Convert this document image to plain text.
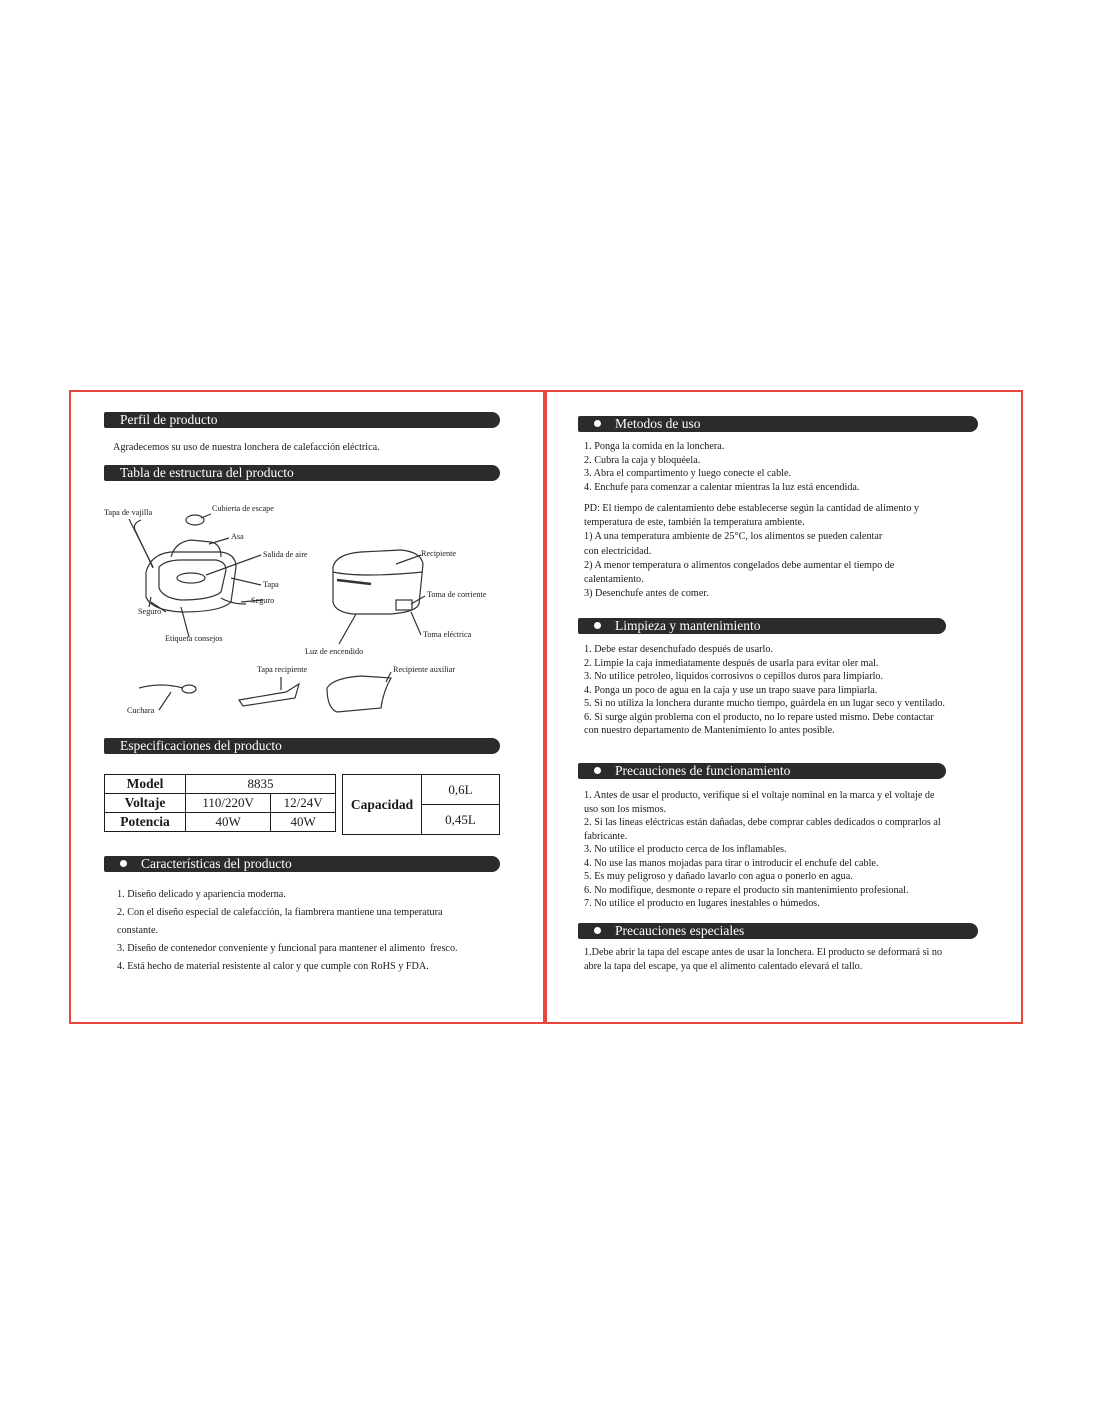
Perfil de producto
Agradecemos su uso de nuestra lonchera de calefacción eléctrica.
Tabla de estructura del producto
Tapa de vajilla	Cubierta de escape
Asa
Salida de aire
Tapa
Seguro
Seguro
Etiqueta consejos
Recipiente
Toma de corriente
Toma eléctrica
Luz de encendido
Tapa recipiente	Recipiente auxiliar
Cuchara
Especificaciones del producto
Model	8835	
Voltaje	110/220V	12/24V
Potencia	40W	40W
Capacidad	0,6L
0,45L
Características del producto
1. Diseño delicado y apariencia moderna.
2. Con el diseño especial de calefacción, la fiambrera mantiene una temperatura
constante.
3. Diseño de contenedor conveniente y funcional para mantener el alimento  fresco.
4. Está hecho de material resistente al calor y que cumple con RoHS y FDA.
Metodos de uso
1. Ponga la comida en la lonchera.
2. Cubra la caja y bloquéela.
3. Abra el compartimento y luego conecte el cable.
4. Enchufe para comenzar a calentar mientras la luz está encendida.
PD: El tiempo de calentamiento debe establecerse según la cantidad de alimento y
temperatura de este, también la temperatura ambiente.
1) A una temperatura ambiente de 25°C, los alimentos se pueden calentar
con electricidad.
2) A menor temperatura o alimentos congelados debe aumentar el tiempo de
calentamiento.
3) Desenchufe antes de comer.
Limpieza y mantenimiento
1. Debe estar desenchufado después de usarlo.
2. Limpie la caja inmediatamente después de usarla para evitar oler mal.
3. No utilice petroleo, liquidos corrosivos o cepillos duros para limpiarlo.
4. Ponga un poco de agua en la caja y use un trapo suave para limpiarla.
5. Si no utiliza la lonchera durante mucho tiempo, guárdela en un lugar seco y ventilado.
6. Si surge algún problema con el producto, no lo repare usted mismo. Debe contactar
con nuestro departamento de Mantenimiento lo antes posible.
Precauciones de funcionamiento
1. Antes de usar el producto, verifique si el voltaje nominal en la marca y el voltaje de
uso son los mismos.
2. Si las líneas eléctricas están dañadas, debe comprar cables dedicados o comprarlos al
fabricante.
3. No utilice el producto cerca de los inflamables.
4. No use las manos mojadas para tirar o introducir el enchufe del cable.
5. Es muy peligroso y dañado lavarlo con agua o ponerlo en agua.
6. No modifique, desmonte o repare el producto sin mantenimiento profesional.
7. No utilice el producto en lugares inestables o húmedos.
Precauciones especiales
1.Debe abrir la tapa del escape antes de usar la lonchera. El producto se deformará si no
abre la tapa del escape, ya que el alimento calentado elevará el tallo.
